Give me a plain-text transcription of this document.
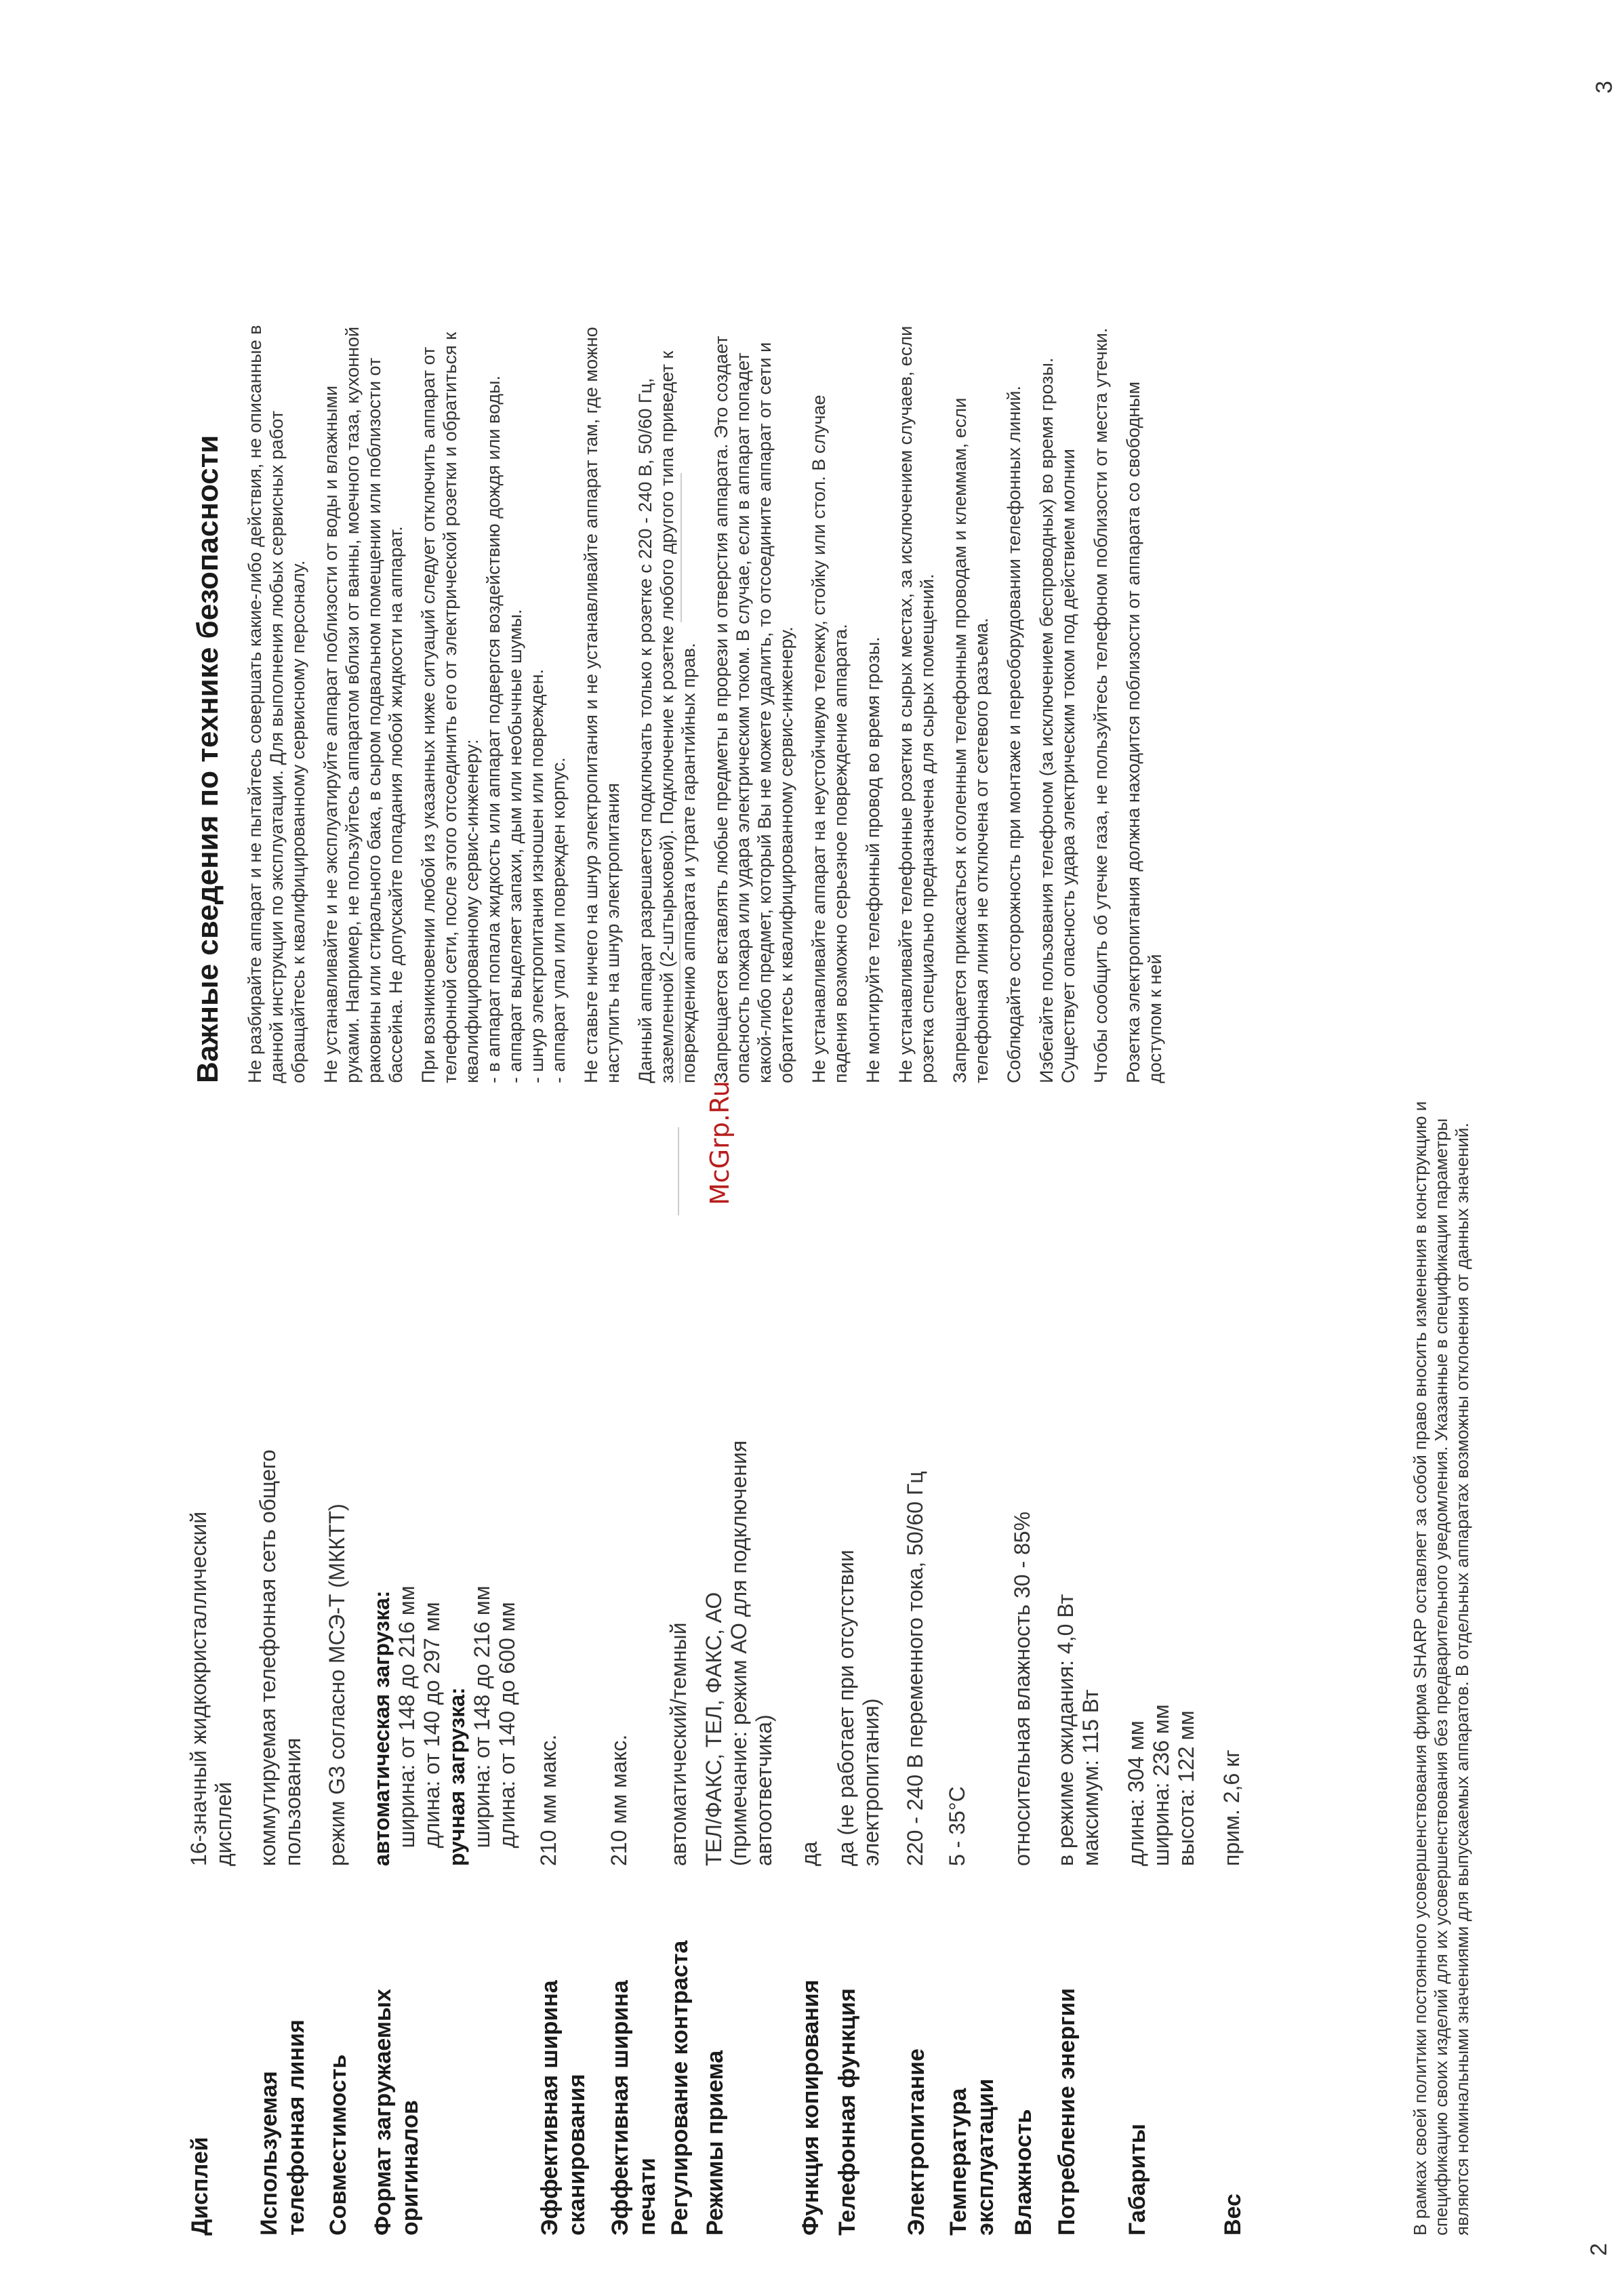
Дисплей
16-значный жидкокристаллический дисплей
Используемая
телефонная линия
коммутируемая телефонная сеть общего пользования
Совместимость
режим G3 согласно МСЭ-Т (МККТТ)
Формат загружаемых
оригиналов
автоматическая загрузка: ширина: от 148 до 216 мм длина: от 140 до 297 мм ручная загрузка: ширина: от 148 до 216 мм длина: от 140 до 600 мм
Эффективная ширина
сканирования
210 мм макс.
Эффективная ширина
печати
210 мм макс.
Регулирование контраста
автоматический/темный
Режимы приема
ТЕЛ/ФАКС, ТЕЛ, ФАКС, АО (примечание: режим АО для подключения автоответчика)
Функция копирования
да
Телефонная функция
да (не работает при отсутствии электропитания)
Электропитание
220 - 240 В переменного тока, 50/60 Гц
Температура
эксплуатации
5 - 35°C
Влажность
относительная влажность 30 - 85%
Потребление энергии
в режиме ожидания: 4,0 Вт максимум: 115 Вт
Габариты
длина: 304 мм ширина: 236 мм высота: 122 мм
Вес
прим. 2,6 кг	В рамках своей политики постоянного усовершенствования фирма SHARP оставляет за собой право вносить изменения в конструкцию и спецификацию своих изделий для их усовершенствования без предварительного уведомления. Указанные в спецификации параметры являются номинальными значениями для выпускаемых аппаратов. В отдельных аппаратах возможны отклонения от данных значений.
2
McGrp.Ru
Важные сведения по технике безопасности Не разбирайте аппарат и не пытайтесь совершать какие-либо действия, не описанные в данной инструкции по эксплуатации. Для выполнения любых сервисных работ обращайтесь к квалифицированному сервисному персоналу. Не устанавливайте и не эксплуатируйте аппарат поблизости от воды и влажными руками. Например, не пользуйтесь аппаратом вблизи от ванны, моечного таза, кухонной раковины или стирального бака, в сыром подвальном помещении или поблизости от бассейна. Не допускайте попадания любой жидкости на аппарат. При возникновении любой из указанных ниже ситуаций следует отключить аппарат от телефонной сети, после этого отсоединить его от электрической розетки и обратиться к квалифицированному сервис-инженеру: - в аппарат попала жидкость или аппарат подвергся воздействию дождя или воды. - аппарат выделяет запахи, дым или необычные шумы. - шнур электропитания изношен или поврежден. - аппарат упал или поврежден корпус. Не ставьте ничего на шнур электропитания и не устанавливайте аппарат там, где можно наступить на шнур электропитания Данный аппарат разрешается подключать только к розетке с 220 - 240 В, 50/60 Гц, заземленной (2-штырьковой). Подключение к розетке любого другого типа приведет к повреждению аппарата и утрате гарантийных прав. Запрещается вставлять любые предметы в прорези и отверстия аппарата. Это создает опасность пожара или удара электрическим током. В случае, если в аппарат попадет какой-либо предмет, который Вы не можете удалить, то отсоедините аппарат от сети и обратитесь к квалифицированному сервис-инженеру. Не устанавливайте аппарат на неустойчивую тележку, стойку или стол. В случае падения возможно серьезное повреждение аппарата. Не монтируйте телефонный провод во время грозы. Не устанавливайте телефонные розетки в сырых местах, за исключением случаев, если розетка специально предназначена для сырых помещений. Запрещается прикасаться к оголенным телефонным проводам и клеммам, если телефонная линия не отключена от сетевого разъема. Соблюдайте осторожность при монтаже и переоборудовании телефонных линий. Избегайте пользования телефоном (за исключением беспроводных) во время грозы. Существует опасность удара электрическим током под действием молнии Чтобы сообщить об утечке газа, не пользуйтесь телефоном поблизости от места утечки. Розетка электропитания должна находится поблизости от аппарата со свободным доступом к ней
3
